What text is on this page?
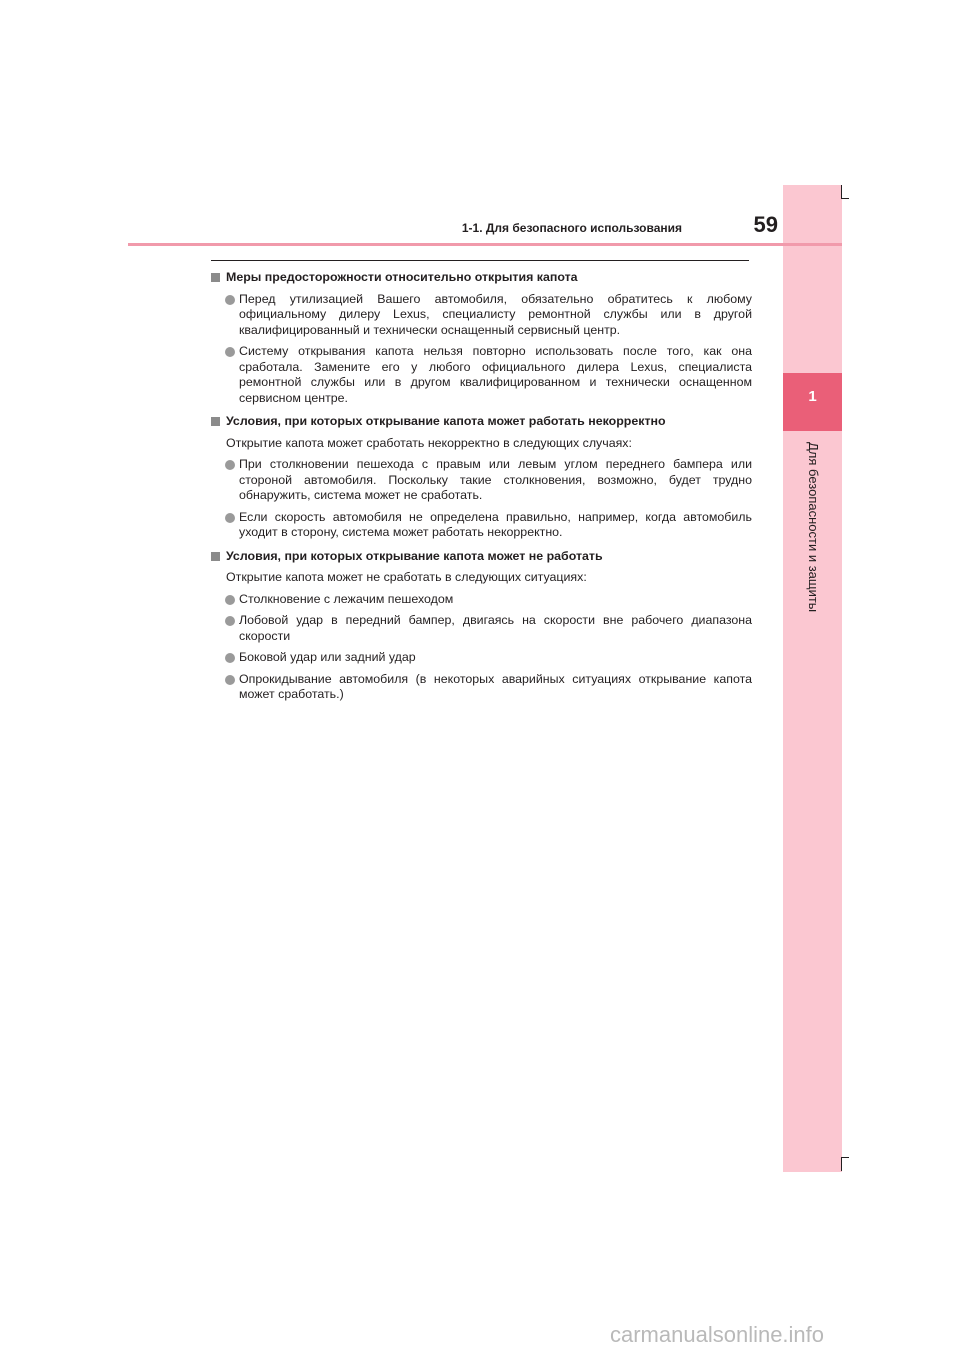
1
Для безопасности и защиты
1-1. Для безопасного использования	59
Меры предосторожности относительно открытия капота
Перед утилизацией Вашего автомобиля, обязательно обратитесь к любому официальному дилеру Lexus, специалисту ремонтной службы или в другой квалифицированный и технически оснащенный сервисный центр.
Систему открывания капота нельзя повторно использовать после того, как она сработала. Замените его у любого официального дилера Lexus, специалиста ремонтной службы или в другом квалифицированном и технически оснащенном сервисном центре.
Условия, при которых открывание капота может работать некорректно
Открытие капота может сработать некорректно в следующих случаях:
При столкновении пешехода с правым или левым углом переднего бампера или стороной автомобиля. Поскольку такие столкновения, возможно, будет трудно обнаружить, система может не сработать.
Если скорость автомобиля не определена правильно, например, когда автомобиль уходит в сторону, система может работать некорректно.
Условия, при которых открывание капота может не работать
Открытие капота может не сработать в следующих ситуациях:
Столкновение с лежачим пешеходом
Лобовой удар в передний бампер, двигаясь на скорости вне рабочего диапазона скорости
Боковой удар или задний удар
Опрокидывание автомобиля (в некоторых аварийных ситуациях открывание капота может сработать.)
carmanualsonline.info
